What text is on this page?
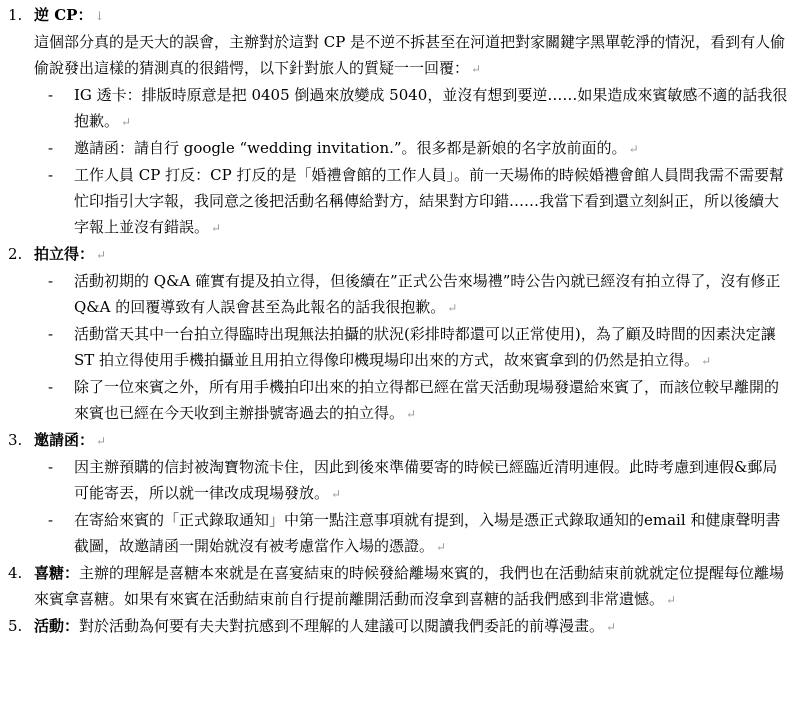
1. 逆 CP： ↓
這個部分真的是天大的誤會，主辦對於這對 CP 是不逆不拆甚至在河道把對家關鍵字黑單乾淨的情況，看到有人偷偷說發出這樣的猜測真的很錯愕，以下針對旅人的質疑一一回覆： ↵
- IG 透卡：排版時原意是把 0405 倒過來放變成 5040，並沒有想到要逆……如果造成來賓敏感不適的話我很抱歉。 ↵
- 邀請函：請自行 google “wedding invitation.”。很多都是新娘的名字放前面的。 ↵
- 工作人員 CP 打反：CP 打反的是「婚禮會館的工作人員」。前一天場佈的時候婚禮會館人員問我需不需要幫忙印指引大字報，我同意之後把活動名稱傳給對方，結果對方印錯……我當下看到還立刻糾正，所以後續大字報上並沒有錯誤。 ↵
2. 拍立得： ↵
- 活動初期的 Q&A 確實有提及拍立得，但後續在”正式公告來場禮”時公告內就已經沒有拍立得了，沒有修正 Q&A 的回覆導致有人誤會甚至為此報名的話我很抱歉。 ↵
- 活動當天其中一台拍立得臨時出現無法拍攝的狀況(彩排時都還可以正常使用)，為了顧及時間的因素決定讓 ST 拍立得使用手機拍攝並且用拍立得像印機現場印出來的方式，故來賓拿到的仍然是拍立得。 ↵
- 除了一位來賓之外，所有用手機拍印出來的拍立得都已經在當天活動現場發還給來賓了，而該位較早離開的來賓也已經在今天收到主辦掛號寄過去的拍立得。 ↵
3. 邀請函： ↵
- 因主辦預購的信封被淘寶物流卡住，因此到後來準備要寄的時候已經臨近清明連假。此時考慮到連假&郵局可能寄丟，所以就一律改成現場發放。 ↵
- 在寄給來賓的「正式錄取通知」中第一點注意事項就有提到，入場是憑正式錄取通知的email 和健康聲明書截圖，故邀請函一開始就沒有被考慮當作入場的憑證。 ↵
4. 喜糖：主辦的理解是喜糖本來就是在喜宴結束的時候發給離場來賓的，我們也在活動結束前就就定位提醒每位離場來賓拿喜糖。如果有來賓在活動結束前自行提前離開活動而沒拿到喜糖的話我們感到非常遺憾。 ↵
5. 活動：對於活動為何要有夫夫對抗感到不理解的人建議可以閱讀我們委託的前導漫畫。 ↵
